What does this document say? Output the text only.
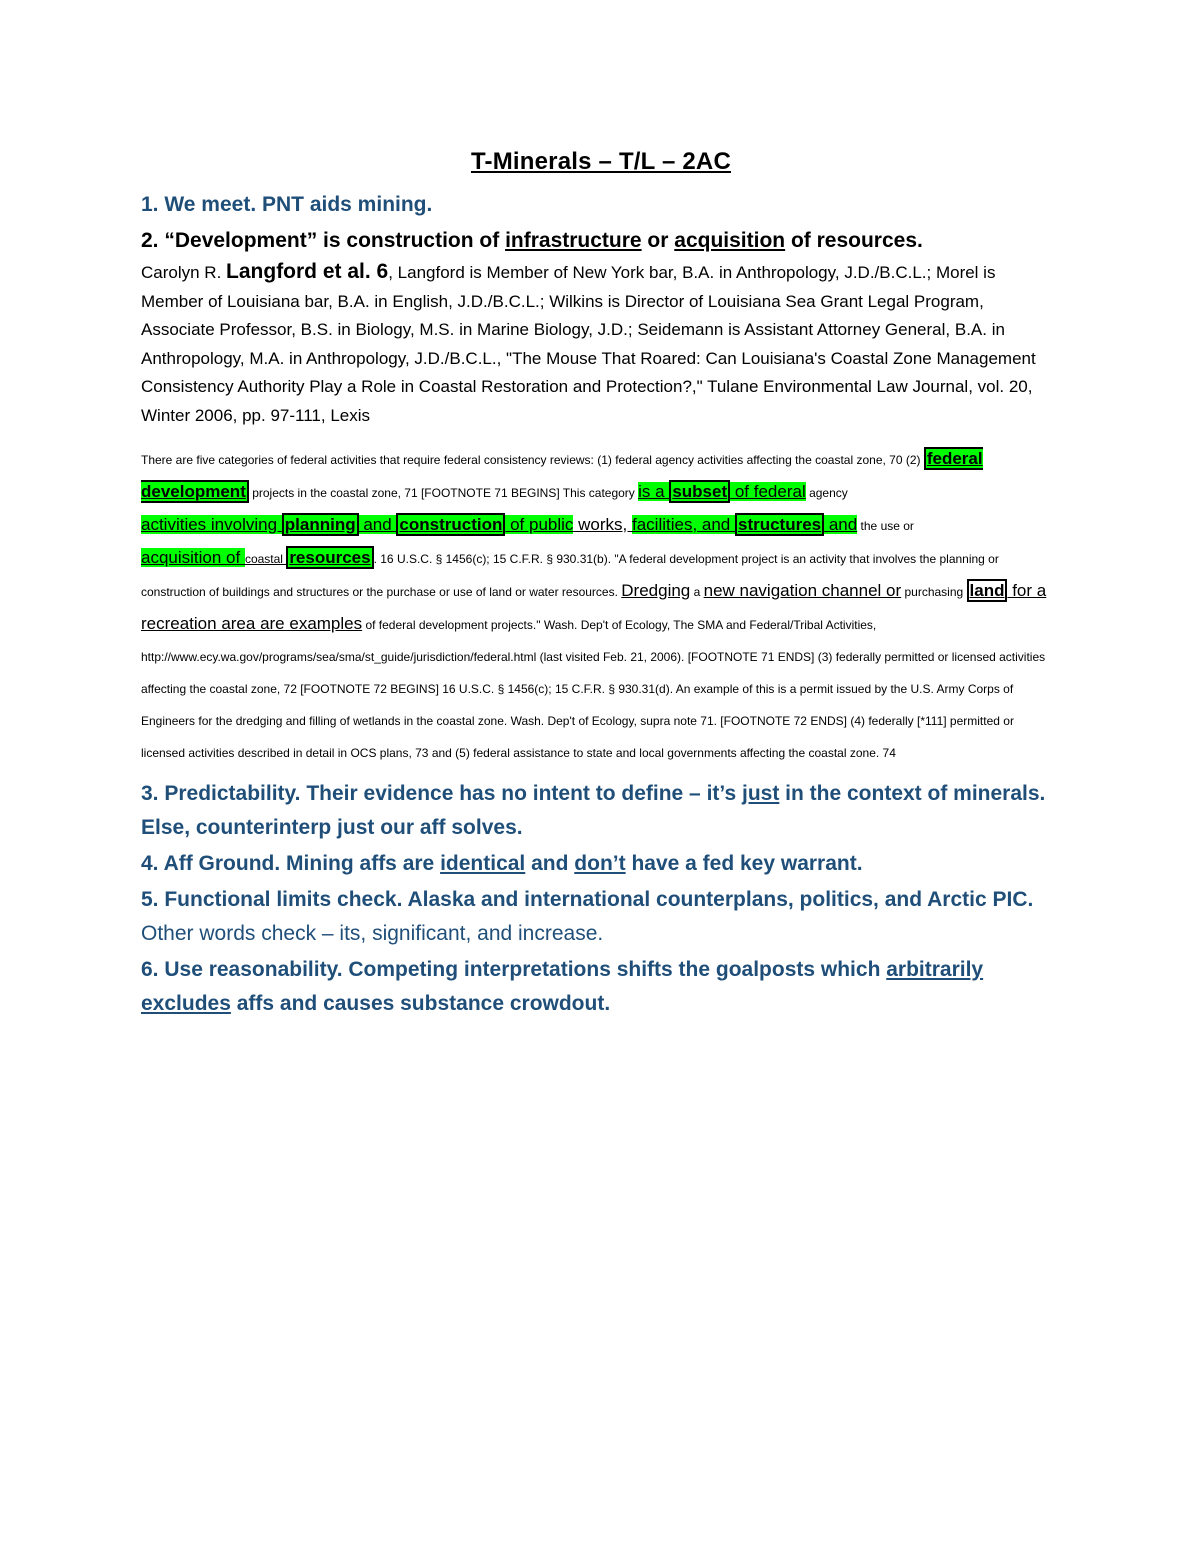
T-Minerals – T/L – 2AC
1. We meet. PNT aids mining.
2. “Development” is construction of infrastructure or acquisition of resources.
Carolyn R. Langford et al. 6, Langford is Member of New York bar, B.A. in Anthropology, J.D./B.C.L.; Morel is Member of Louisiana bar, B.A. in English, J.D./B.C.L.; Wilkins is Director of Louisiana Sea Grant Legal Program, Associate Professor, B.S. in Biology, M.S. in Marine Biology, J.D.; Seidemann is Assistant Attorney General, B.A. in Anthropology, M.A. in Anthropology, J.D./B.C.L., "The Mouse That Roared: Can Louisiana's Coastal Zone Management Consistency Authority Play a Role in Coastal Restoration and Protection?," Tulane Environmental Law Journal, vol. 20, Winter 2006, pp. 97-111, Lexis
There are five categories of federal activities that require federal consistency reviews: (1) federal agency activities affecting the coastal zone, 70 (2) federal development projects in the coastal zone, 71 [FOOTNOTE 71 BEGINS] This category is a subset of federal agency
activities involving planning and construction of public works, facilities, and structures and the use or
acquisition of coastal resources . 16 U.S.C. § 1456(c); 15 C.F.R. § 930.31(b). "A federal development project is an activity that involves the planning or construction of buildings and structures or the purchase or use of land or water resources. Dredging a new navigation channel or purchasing land for a recreation area are examples of federal development projects." Wash. Dep't of Ecology, The SMA and Federal/Tribal Activities, http://www.ecy.wa.gov/programs/sea/sma/st_guide/jurisdiction/federal.html (last visited Feb. 21, 2006). [FOOTNOTE 71 ENDS] (3) federally permitted or licensed activities affecting the coastal zone, 72 [FOOTNOTE 72 BEGINS] 16 U.S.C. § 1456(c); 15 C.F.R. § 930.31(d). An example of this is a permit issued by the U.S. Army Corps of Engineers for the dredging and filling of wetlands in the coastal zone. Wash. Dep't of Ecology, supra note 71. [FOOTNOTE 72 ENDS] (4) federally [*111] permitted or licensed activities described in detail in OCS plans, 73 and (5) federal assistance to state and local governments affecting the coastal zone. 74
3. Predictability. Their evidence has no intent to define – it’s just in the context of minerals. Else, counterinterp just our aff solves.
4. Aff Ground. Mining affs are identical and don’t have a fed key warrant.
5. Functional limits check. Alaska and international counterplans, politics, and Arctic PIC. Other words check – its, significant, and increase.
6. Use reasonability. Competing interpretations shifts the goalposts which arbitrarily excludes affs and causes substance crowdout.
